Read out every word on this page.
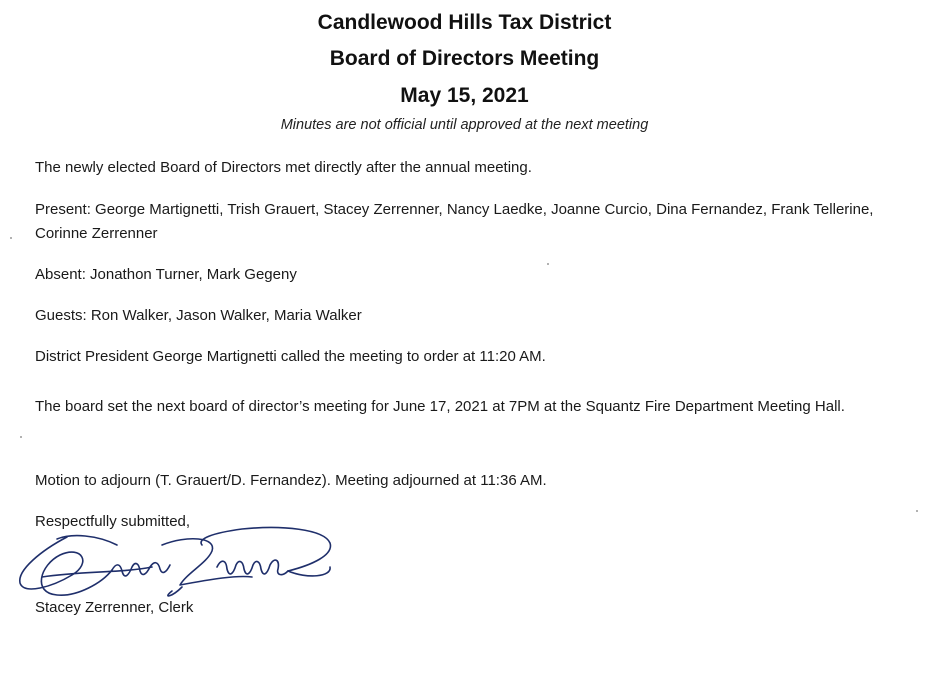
Candlewood Hills Tax District
Board of Directors Meeting
May 15, 2021
Minutes are not official until approved at the next meeting
The newly elected Board of Directors met directly after the annual meeting.
Present: George Martignetti, Trish Grauert, Stacey Zerrenner, Nancy Laedke, Joanne Curcio, Dina Fernandez, Frank Tellerine, Corinne Zerrenner
Absent: Jonathon Turner, Mark Gegeny
Guests: Ron Walker, Jason Walker, Maria Walker
District President George Martignetti called the meeting to order at 11:20 AM.
The board set the next board of director’s meeting for June 17, 2021 at 7PM at the Squantz Fire Department Meeting Hall.
Motion to adjourn (T. Grauert/D. Fernandez). Meeting adjourned at 11:36 AM.
Respectfully submitted,
Stacey Zerrenner, Clerk
